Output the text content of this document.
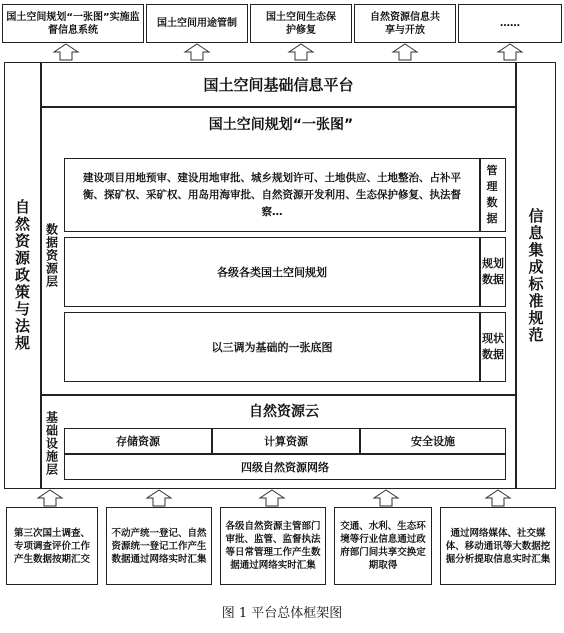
国土空间规划“一张图”实施监督信息系统
国土空间用途管制
国土空间生态保护修复
自然资源信息共享与开放
……
自然资源政策与法规	信息集成标准规范
国土空间基础信息平台
国土空间规划“一张图”
数据资源层
建设项目用地预审、建设用地审批、城乡规划许可、土地供应、土地整治、占补平衡、探矿权、采矿权、用岛用海审批、自然资源开发利用、生态保护修复、执法督察…
管理数据
各级各类国土空间规划
规划数据
以三调为基础的一张底图
现状数据
基础设施层	自然资源云
存储资源	计算资源	安全设施
四级自然资源网络
第三次国土调查、专项调查评价工作产生数据按期汇交
不动产统一登记、自然资源统一登记工作产生数据通过网络实时汇集
各级自然资源主管部门审批、监管、监督执法等日常管理工作产生数据通过网络实时汇集
交通、水利、生态环境等行业信息通过政府部门间共享交换定期取得
通过网络媒体、社交媒体、移动通讯等大数据挖掘分析提取信息实时汇集
图 1 平台总体框架图
